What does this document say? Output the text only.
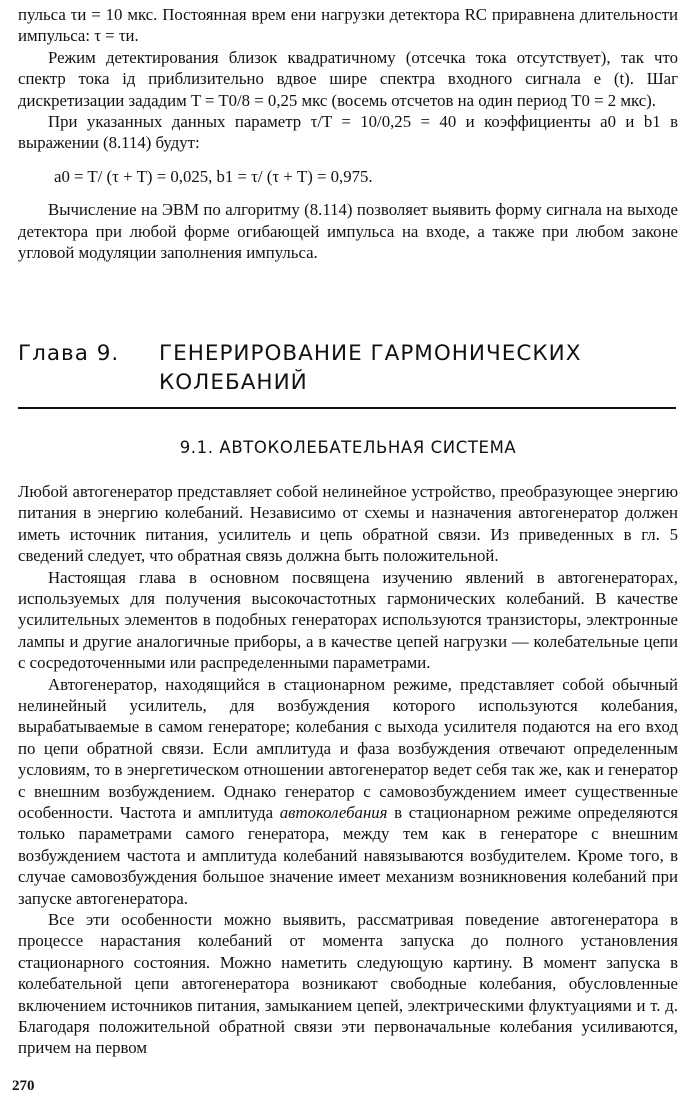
пульса τи = 10 мкс. Постоянная врем ени нагрузки детектора RC приравнена длительности импульса: τ = τи.

Режим детектирования близок квадратичному (отсечка тока отсутствует), так что спектр тока iд приблизительно вдвое шире спектра входного сигнала e (t). Шаг дискретизации зададим T = T0/8 = 0,25 мкс (восемь отсчетов на один период T0 = 2 мкс).

При указанных данных параметр τ/T = 10/0,25 = 40 и коэффициенты a0 и b1 в выражении (8.114) будут:

a0 = T/ (τ + T) = 0,025, b1 = τ/ (τ + T) = 0,975.

Вычисление на ЭВМ по алгоритму (8.114) позволяет выявить форму сигнала на выходе детектора при любой форме огибающей импульса на входе, а также при любом законе угловой модуляции заполнения импульса.

Глава 9. ГЕНЕРИРОВАНИЕ ГАРМОНИЧЕСКИХ КОЛЕБАНИЙ
9.1. АВТОКОЛЕБАТЕЛЬНАЯ СИСТЕМА

Любой автогенератор представляет собой нелинейное устройство, преобразующее энергию питания в энергию колебаний. Независимо от схемы и назначения автогенератор должен иметь источник питания, усилитель и цепь обратной связи. Из приведенных в гл. 5 сведений следует, что обратная связь должна быть положительной.

Настоящая глава в основном посвящена изучению явлений в автогенераторах, используемых для получения высокочастотных гармонических колебаний. В качестве усилительных элементов в подобных генераторах используются транзисторы, электронные лампы и другие аналогичные приборы, а в качестве цепей нагрузки — колебательные цепи с сосредоточенными или распределенными параметрами.

Автогенератор, находящийся в стационарном режиме, представляет собой обычный нелинейный усилитель, для возбуждения которого используются колебания, вырабатываемые в самом генераторе; колебания с выхода усилителя подаются на его вход по цепи обратной связи. Если амплитуда и фаза возбуждения отвечают определенным условиям, то в энергетическом отношении автогенератор ведет себя так же, как и генератор с внешним возбуждением. Однако генератор с самовозбуждением имеет существенные особенности. Частота и амплитуда автоколебания в стационарном режиме определяются только параметрами самого генератора, между тем как в генераторе с внешним возбуждением частота и амплитуда колебаний навязываются возбудителем. Кроме того, в случае самовозбуждения большое значение имеет механизм возникновения колебаний при запуске автогенератора.

Все эти особенности можно выявить, рассматривая поведение автогенератора в процессе нарастания колебаний от момента запуска до полного установления стационарного состояния. Можно наметить следующую картину. В момент запуска в колебательной цепи автогенератора возникают свободные колебания, обусловленные включением источников питания, замыканием цепей, электрическими флуктуациями и т. д. Благодаря положительной обратной связи эти первоначальные колебания усиливаются, причем на первом

270
